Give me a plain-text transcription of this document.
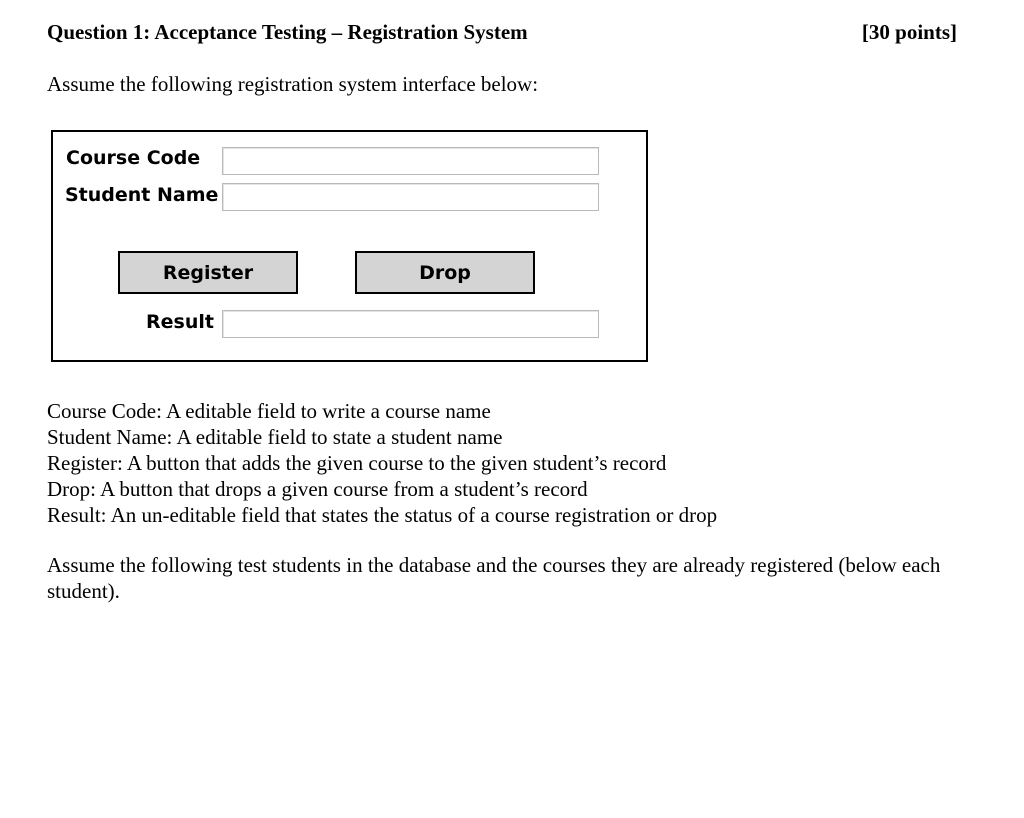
Question 1: Acceptance Testing – Registration System	[30 points]
Assume the following registration system interface below:
Course Code
Student Name
Register	Drop
Result
Course Code: A editable field to write a course name
Student Name: A editable field to state a student name
Register: A button that adds the given course to the given student’s record
Drop: A button that drops a given course from a student’s record
Result: An un-editable field that states the status of a course registration or drop
Assume the following test students in the database and the courses they are already registered (below each student).
